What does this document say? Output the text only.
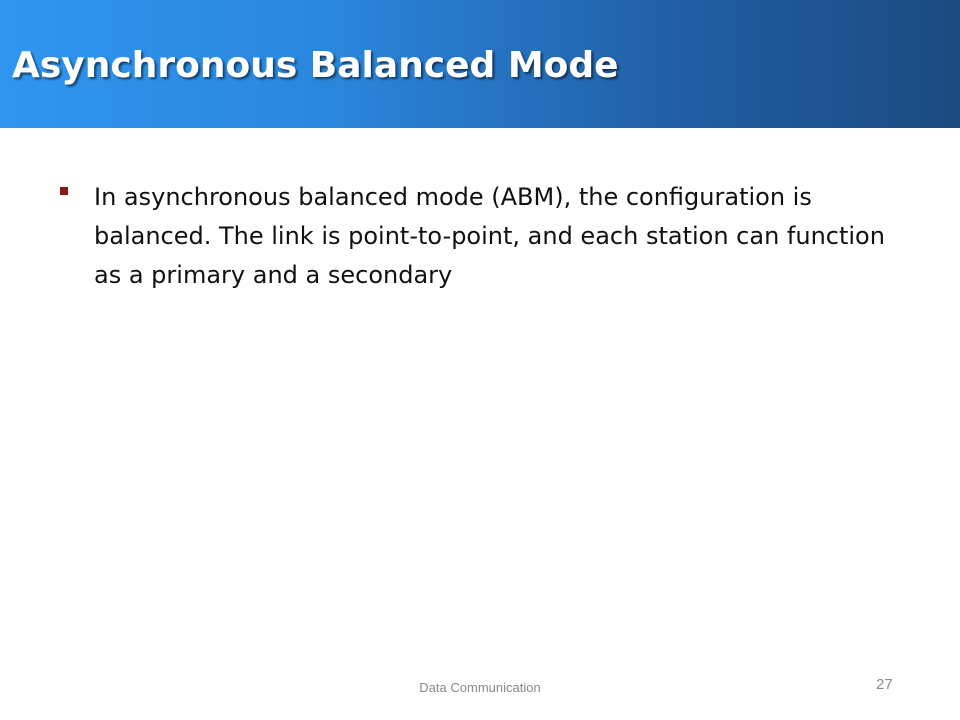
Asynchronous Balanced Mode
In asynchronous balanced mode (ABM), the configuration is balanced. The link is point-to-point, and each station can function as a primary and a secondary
Data Communication	27
